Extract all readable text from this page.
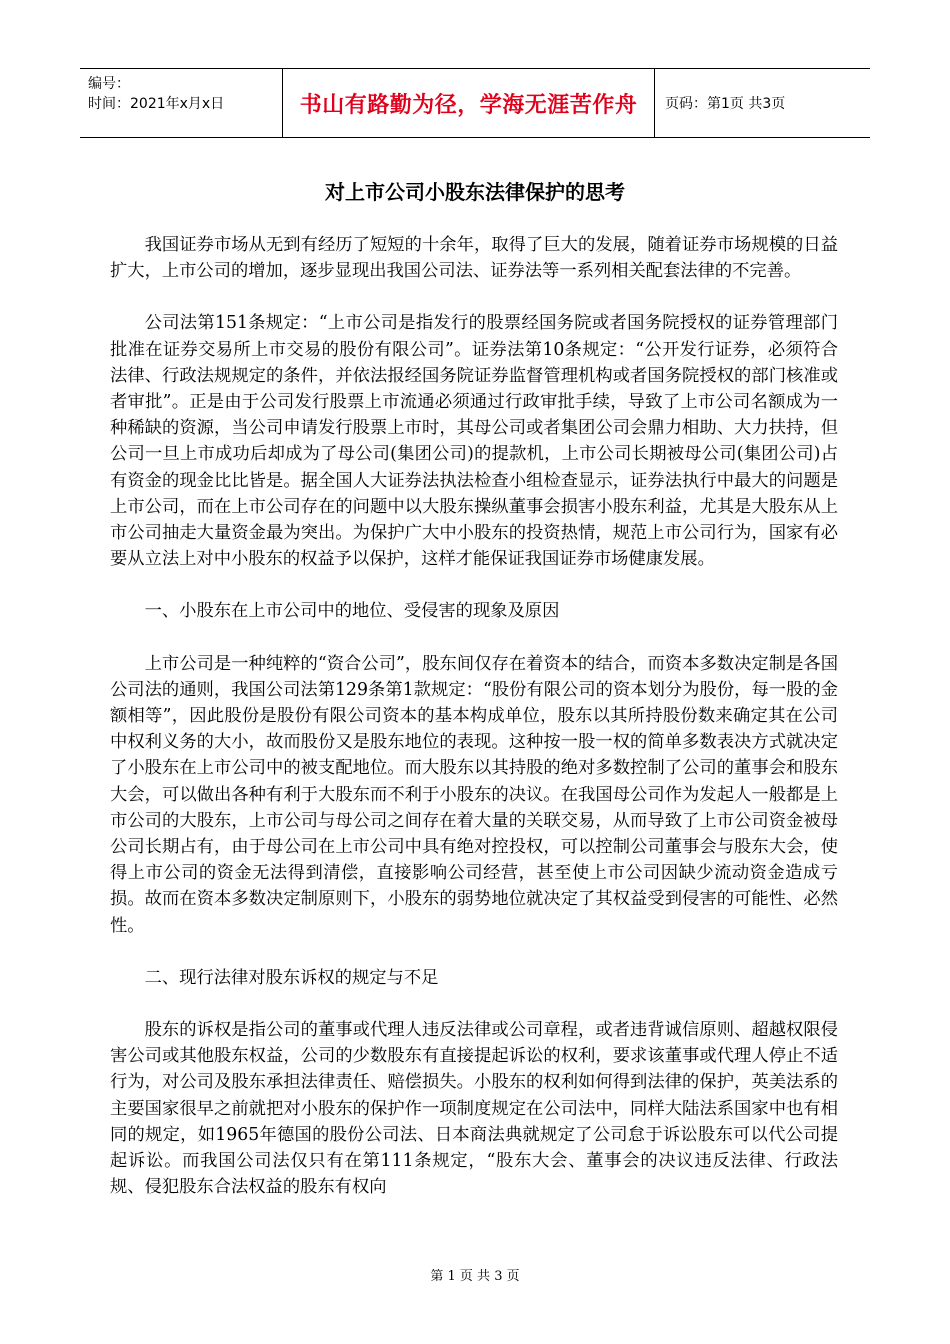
编号：
时间：2021年x月x日	书山有路勤为径，学海无涯苦作舟	页码：第1页 共3页
对上市公司小股东法律保护的思考

我国证券市场从无到有经历了短短的十余年，取得了巨大的发展，随着证券市场规模的日益扩大，上市公司的增加，逐步显现出我国公司法、证券法等一系列相关配套法律的不完善。

公司法第151条规定：“上市公司是指发行的股票经国务院或者国务院授权的证券管理部门批准在证券交易所上市交易的股份有限公司”。证券法第10条规定：“公开发行证券，必须符合法律、行政法规规定的条件，并依法报经国务院证券监督管理机构或者国务院授权的部门核准或者审批”。正是由于公司发行股票上市流通必须通过行政审批手续，导致了上市公司名额成为一种稀缺的资源，当公司申请发行股票上市时，其母公司或者集团公司会鼎力相助、大力扶持，但公司一旦上市成功后却成为了母公司(集团公司)的提款机，上市公司长期被母公司(集团公司)占有资金的现金比比皆是。据全国人大证券法执法检查小组检查显示，证券法执行中最大的问题是上市公司，而在上市公司存在的问题中以大股东操纵董事会损害小股东利益，尤其是大股东从上市公司抽走大量资金最为突出。为保护广大中小股东的投资热情，规范上市公司行为，国家有必要从立法上对中小股东的权益予以保护，这样才能保证我国证券市场健康发展。

一、小股东在上市公司中的地位、受侵害的现象及原因

上市公司是一种纯粹的“资合公司”，股东间仅存在着资本的结合，而资本多数决定制是各国公司法的通则，我国公司法第129条第1款规定：“股份有限公司的资本划分为股份，每一股的金额相等”，因此股份是股份有限公司资本的基本构成单位，股东以其所持股份数来确定其在公司中权利义务的大小，故而股份又是股东地位的表现。这种按一股一权的简单多数表决方式就决定了小股东在上市公司中的被支配地位。而大股东以其持股的绝对多数控制了公司的董事会和股东大会，可以做出各种有利于大股东而不利于小股东的决议。在我国母公司作为发起人一般都是上市公司的大股东，上市公司与母公司之间存在着大量的关联交易，从而导致了上市公司资金被母公司长期占有，由于母公司在上市公司中具有绝对控投权，可以控制公司董事会与股东大会，使得上市公司的资金无法得到清偿，直接影响公司经营，甚至使上市公司因缺少流动资金造成亏损。故而在资本多数决定制原则下，小股东的弱势地位就决定了其权益受到侵害的可能性、必然性。

二、现行法律对股东诉权的规定与不足

股东的诉权是指公司的董事或代理人违反法律或公司章程，或者违背诚信原则、超越权限侵害公司或其他股东权益，公司的少数股东有直接提起诉讼的权利，要求该董事或代理人停止不适行为，对公司及股东承担法律责任、赔偿损失。小股东的权利如何得到法律的保护，英美法系的主要国家很早之前就把对小股东的保护作一项制度规定在公司法中，同样大陆法系国家中也有相同的规定，如1965年德国的股份公司法、日本商法典就规定了公司怠于诉讼股东可以代公司提起诉讼。而我国公司法仅只有在第111条规定，“股东大会、董事会的决议违反法律、行政法规、侵犯股东合法权益的股东有权向

第 1 页 共 3 页
